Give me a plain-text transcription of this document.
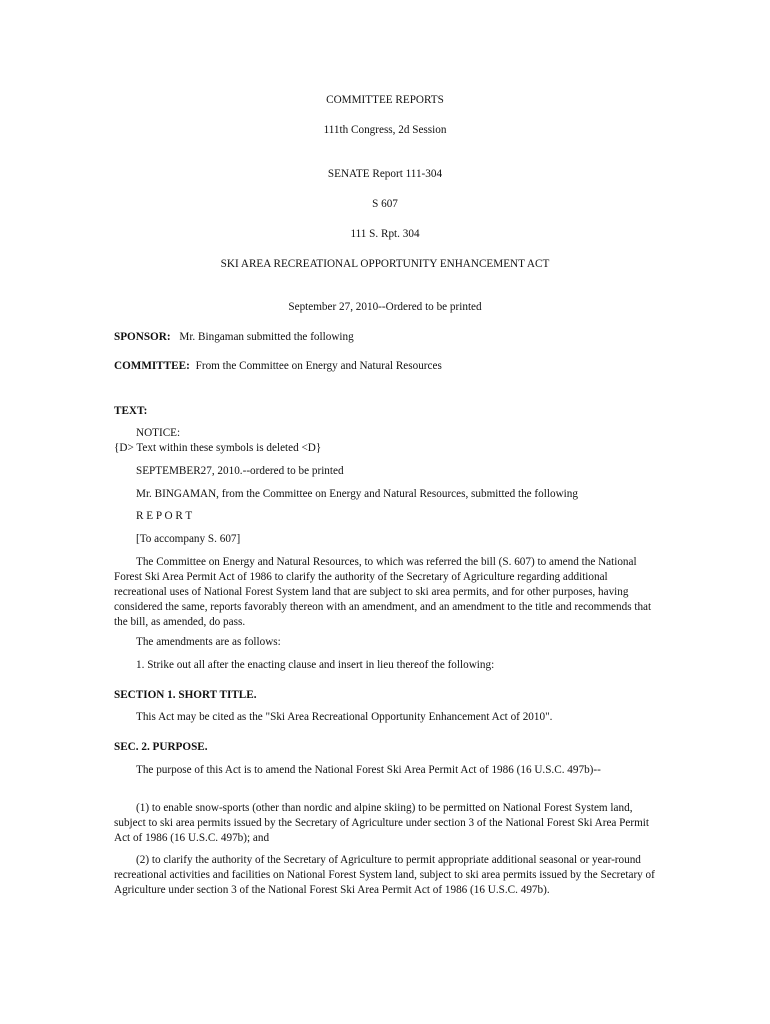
COMMITTEE REPORTS
111th Congress, 2d Session
SENATE Report 111-304
S 607
111 S. Rpt. 304
SKI AREA RECREATIONAL OPPORTUNITY ENHANCEMENT ACT
September 27, 2010--Ordered to be printed
SPONSOR: Mr. Bingaman submitted the following
COMMITTEE: From the Committee on Energy and Natural Resources
TEXT:
NOTICE:
{D> Text within these symbols is deleted <D}
SEPTEMBER27, 2010.--ordered to be printed
Mr. BINGAMAN, from the Committee on Energy and Natural Resources, submitted the following
R E P O R T
[To accompany S. 607]
The Committee on Energy and Natural Resources, to which was referred the bill (S. 607) to amend the National Forest Ski Area Permit Act of 1986 to clarify the authority of the Secretary of Agriculture regarding additional recreational uses of National Forest System land that are subject to ski area permits, and for other purposes, having considered the same, reports favorably thereon with an amendment, and an amendment to the title and recommends that the bill, as amended, do pass.
The amendments are as follows:
1. Strike out all after the enacting clause and insert in lieu thereof the following:
SECTION 1. SHORT TITLE.
This Act may be cited as the "Ski Area Recreational Opportunity Enhancement Act of 2010".
SEC. 2. PURPOSE.
The purpose of this Act is to amend the National Forest Ski Area Permit Act of 1986 (16 U.S.C. 497b)--
(1) to enable snow-sports (other than nordic and alpine skiing) to be permitted on National Forest System land, subject to ski area permits issued by the Secretary of Agriculture under section 3 of the National Forest Ski Area Permit Act of 1986 (16 U.S.C. 497b); and
(2) to clarify the authority of the Secretary of Agriculture to permit appropriate additional seasonal or year-round recreational activities and facilities on National Forest System land, subject to ski area permits issued by the Secretary of Agriculture under section 3 of the National Forest Ski Area Permit Act of 1986 (16 U.S.C. 497b).
